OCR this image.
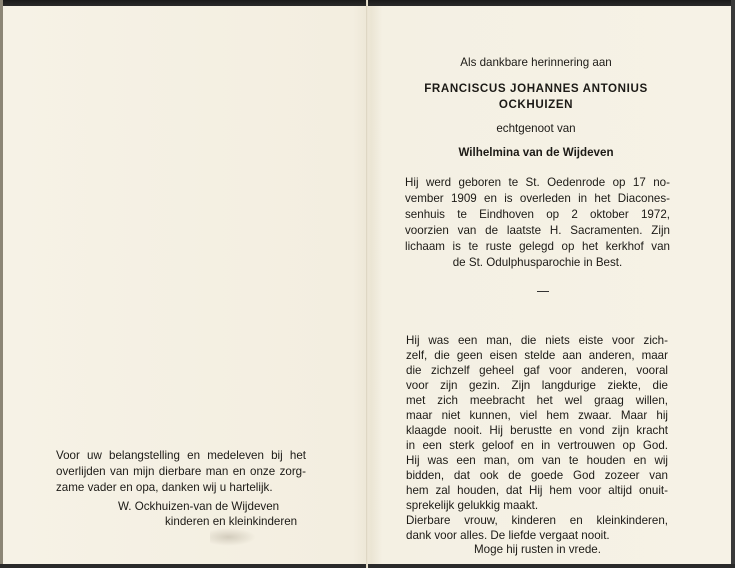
Voor uw belangstelling en medeleven bij het
overlijden van mijn dierbare man en onze zorg-
zame vader en opa, danken wij u hartelijk.
W. Ockhuizen-van de Wijdeven
kinderen en kleinkinderen
Als dankbare herinnering aan
FRANCISCUS JOHANNES ANTONIUS
OCKHUIZEN
echtgenoot van
Wilhelmina van de Wijdeven
Hij werd geboren te St. Oedenrode op 17 no-
vember 1909 en is overleden in het Diacones-
senhuis te Eindhoven op 2 oktober 1972,
voorzien van de laatste H. Sacramenten. Zijn
lichaam is te ruste gelegd op het kerkhof van
de St. Odulphusparochie in Best.
Hij was een man, die niets eiste voor zich-
zelf, die geen eisen stelde aan anderen, maar
die zichzelf geheel gaf voor anderen, vooral
voor zijn gezin. Zijn langdurige ziekte, die
met zich meebracht het wel graag willen,
maar niet kunnen, viel hem zwaar. Maar hij
klaagde nooit. Hij berustte en vond zijn kracht
in een sterk geloof en in vertrouwen op God.
Hij was een man, om van te houden en wij
bidden, dat ook de goede God zozeer van
hem zal houden, dat Hij hem voor altijd onuit-
sprekelijk gelukkig maakt.
Dierbare vrouw, kinderen en kleinkinderen,
dank voor alles. De liefde vergaat nooit.
Moge hij rusten in vrede.
